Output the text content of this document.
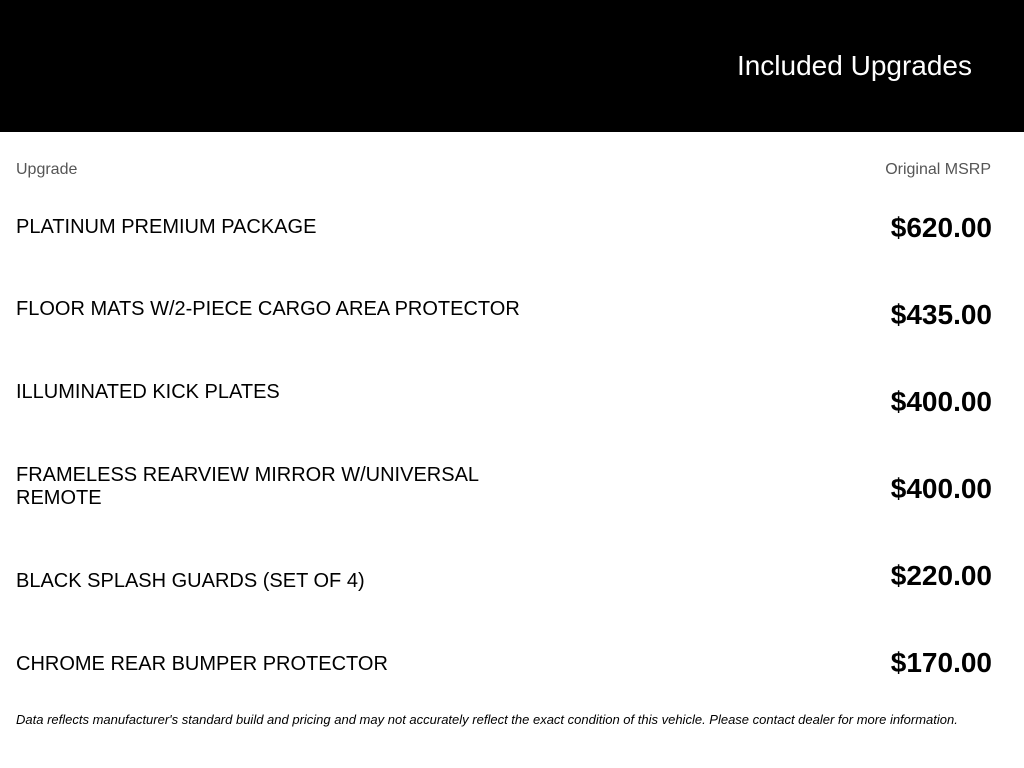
Included Upgrades
Upgrade	Original MSRP
PLATINUM PREMIUM PACKAGE	$620.00
FLOOR MATS W/2-PIECE CARGO AREA PROTECTOR	$435.00
ILLUMINATED KICK PLATES	$400.00
FRAMELESS REARVIEW MIRROR W/UNIVERSAL REMOTE	$400.00
BLACK SPLASH GUARDS (SET OF 4)	$220.00
CHROME REAR BUMPER PROTECTOR	$170.00
Data reflects manufacturer's standard build and pricing and may not accurately reflect the exact condition of this vehicle. Please contact dealer for more information.
